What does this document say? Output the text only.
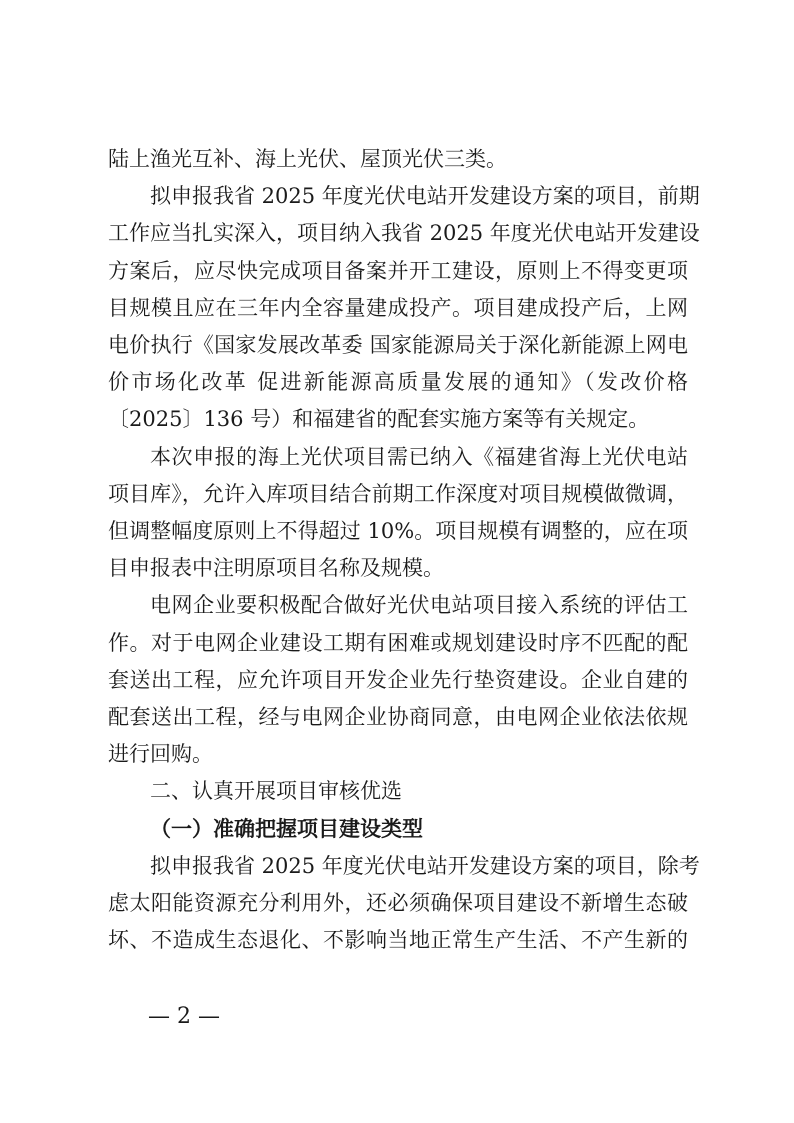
陆上渔光互补、海上光伏、屋顶光伏三类。
拟申报我省 2025 年度光伏电站开发建设方案的项目，前期
工作应当扎实深入，项目纳入我省 2025 年度光伏电站开发建设
方案后，应尽快完成项目备案并开工建设，原则上不得变更项
目规模且应在三年内全容量建成投产。项目建成投产后，上网
电价执行《国家发展改革委 国家能源局关于深化新能源上网电
价市场化改革 促进新能源高质量发展的通知》（发改价格
〔2025〕136 号）和福建省的配套实施方案等有关规定。
本次申报的海上光伏项目需已纳入《福建省海上光伏电站
项目库》，允许入库项目结合前期工作深度对项目规模做微调，
但调整幅度原则上不得超过 10%。项目规模有调整的，应在项
目申报表中注明原项目名称及规模。
电网企业要积极配合做好光伏电站项目接入系统的评估工
作。对于电网企业建设工期有困难或规划建设时序不匹配的配
套送出工程，应允许项目开发企业先行垫资建设。企业自建的
配套送出工程，经与电网企业协商同意，由电网企业依法依规
进行回购。
二、认真开展项目审核优选
（一）准确把握项目建设类型
拟申报我省 2025 年度光伏电站开发建设方案的项目，除考
虑太阳能资源充分利用外，还必须确保项目建设不新增生态破
坏、不造成生态退化、不影响当地正常生产生活、不产生新的
— 2 —
